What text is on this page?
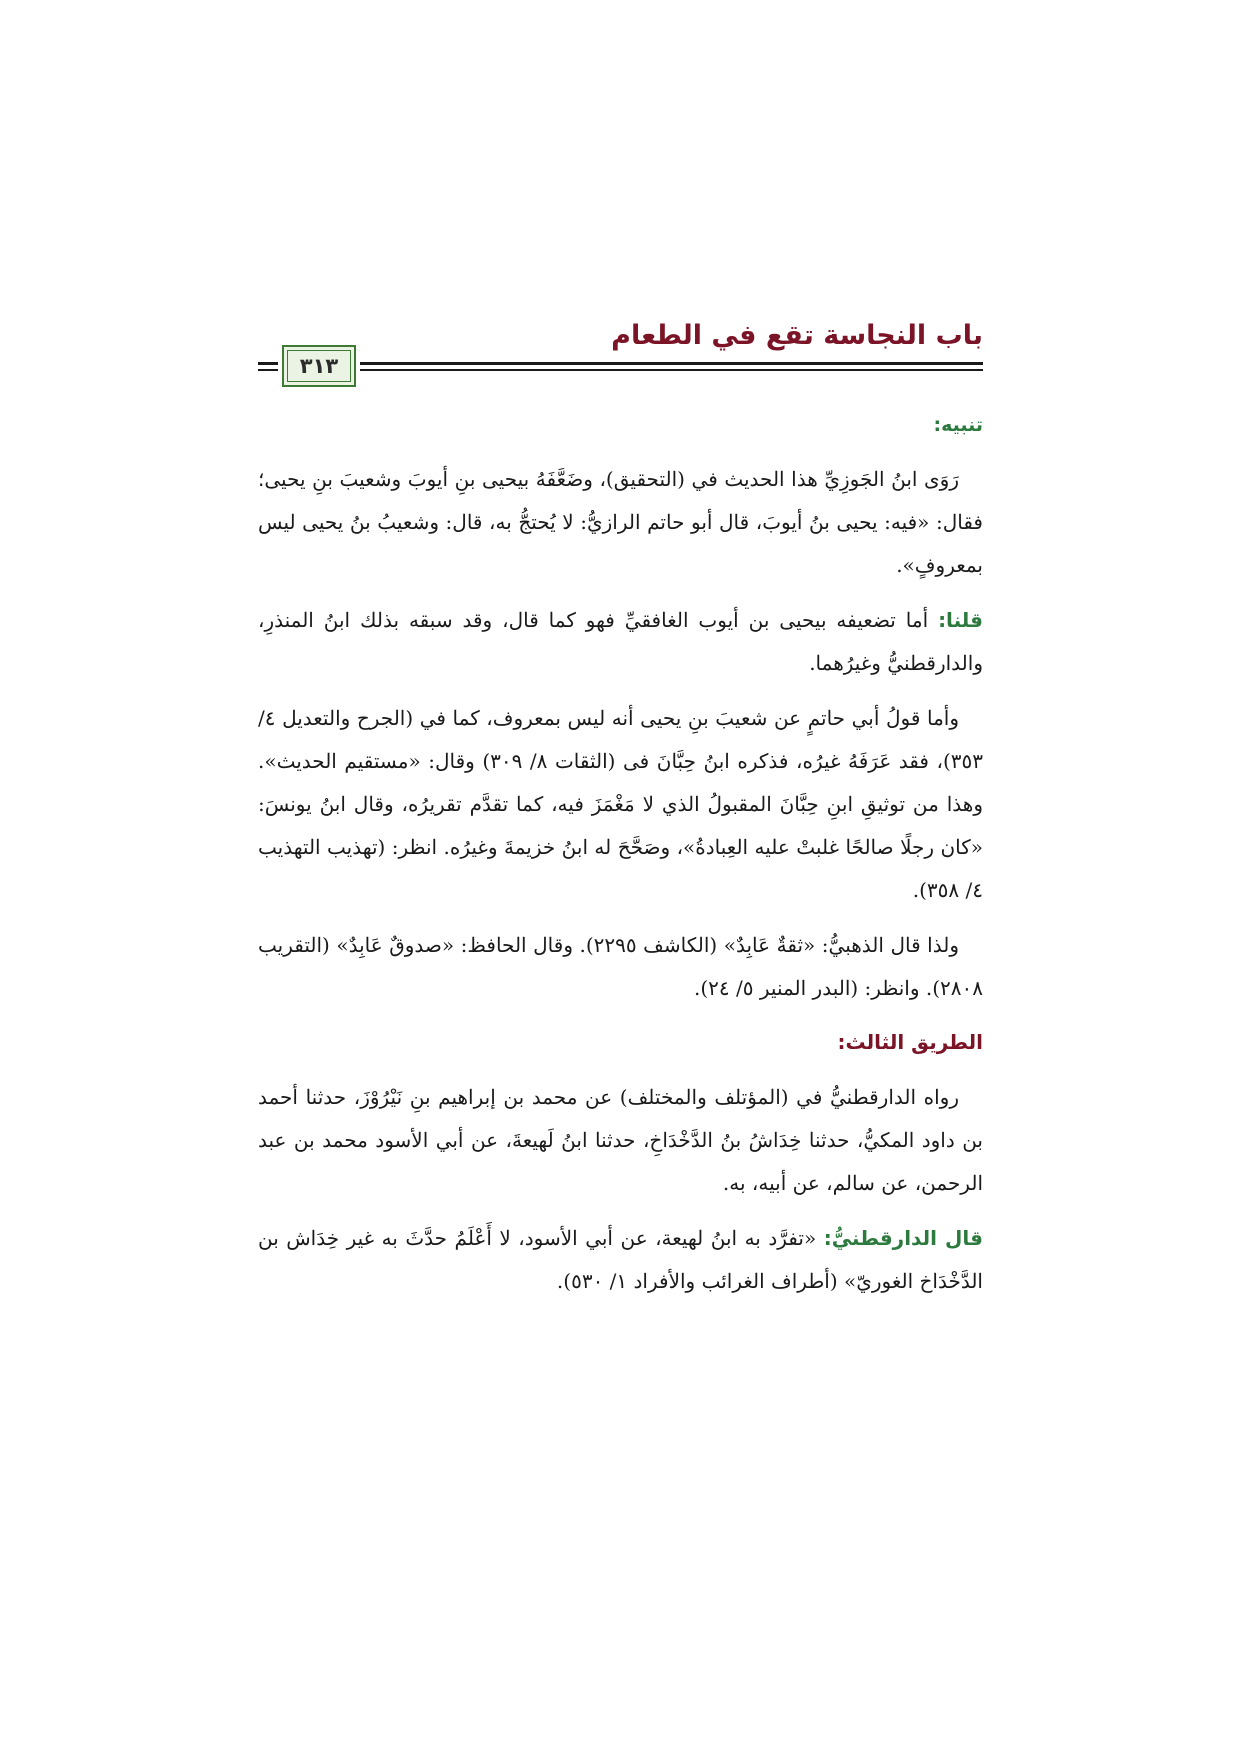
باب النجاسة تقع في الطعام
٣١٣
تنبيه:

رَوَى ابنُ الجَوزِيِّ هذا الحديث في (التحقيق)، وضَعَّفَهُ بيحيى بنِ أيوبَ وشعيبَ بنِ يحيى؛ فقال: «فيه: يحيى بنُ أيوبَ، قال أبو حاتم الرازيُّ: لا يُحتجُّ به، قال: وشعيبُ بنُ يحيى ليس بمعروفٍ».

قلنا: أما تضعيفه بيحيى بن أيوب الغافقيِّ فهو كما قال، وقد سبقه بذلك ابنُ المنذرِ، والدارقطنيُّ وغيرُهما.

وأما قولُ أبي حاتمٍ عن شعيبَ بنِ يحيى أنه ليس بمعروف، كما في (الجرح والتعديل ٤/ ٣٥٣)، فقد عَرَفَهُ غيرُه، فذكره ابنُ حِبَّانَ فى (الثقات ٨/ ٣٠٩) وقال: «مستقيم الحديث». وهذا من توثيقِ ابنِ حِبَّانَ المقبولُ الذي لا مَغْمَزَ فيه، كما تقدَّم تقريرُه، وقال ابنُ يونسَ: «كان رجلًا صالحًا غلبتْ عليه العِبادةُ»، وصَحَّحَ له ابنُ خزيمةَ وغيرُه. انظر: (تهذيب التهذيب ٤/ ٣٥٨).

ولذا قال الذهبيُّ: «ثقةٌ عَابِدٌ» (الكاشف ٢٢٩٥). وقال الحافظ: «صدوقٌ عَابِدٌ» (التقريب ٢٨٠٨). وانظر: (البدر المنير ٥/ ٢٤).

الطريق الثالث:

رواه الدارقطنيُّ في (المؤتلف والمختلف) عن محمد بن إبراهيم بنِ نَيْرُوْزَ، حدثنا أحمد بن داود المكيُّ، حدثنا خِدَاشُ بنُ الدَّخْدَاخِ، حدثنا ابنُ لَهيعةَ، عن أبي الأسود محمد بن عبد الرحمن، عن سالم، عن أبيه، به.

قال الدارقطنيُّ: «تفرَّد به ابنُ لهيعة، عن أبي الأسود، لا أَعْلَمُ حدَّثَ به غير خِدَاش بن الدَّخْدَاخ الغوريّ» (أطراف الغرائب والأفراد ١/ ٥٣٠).
